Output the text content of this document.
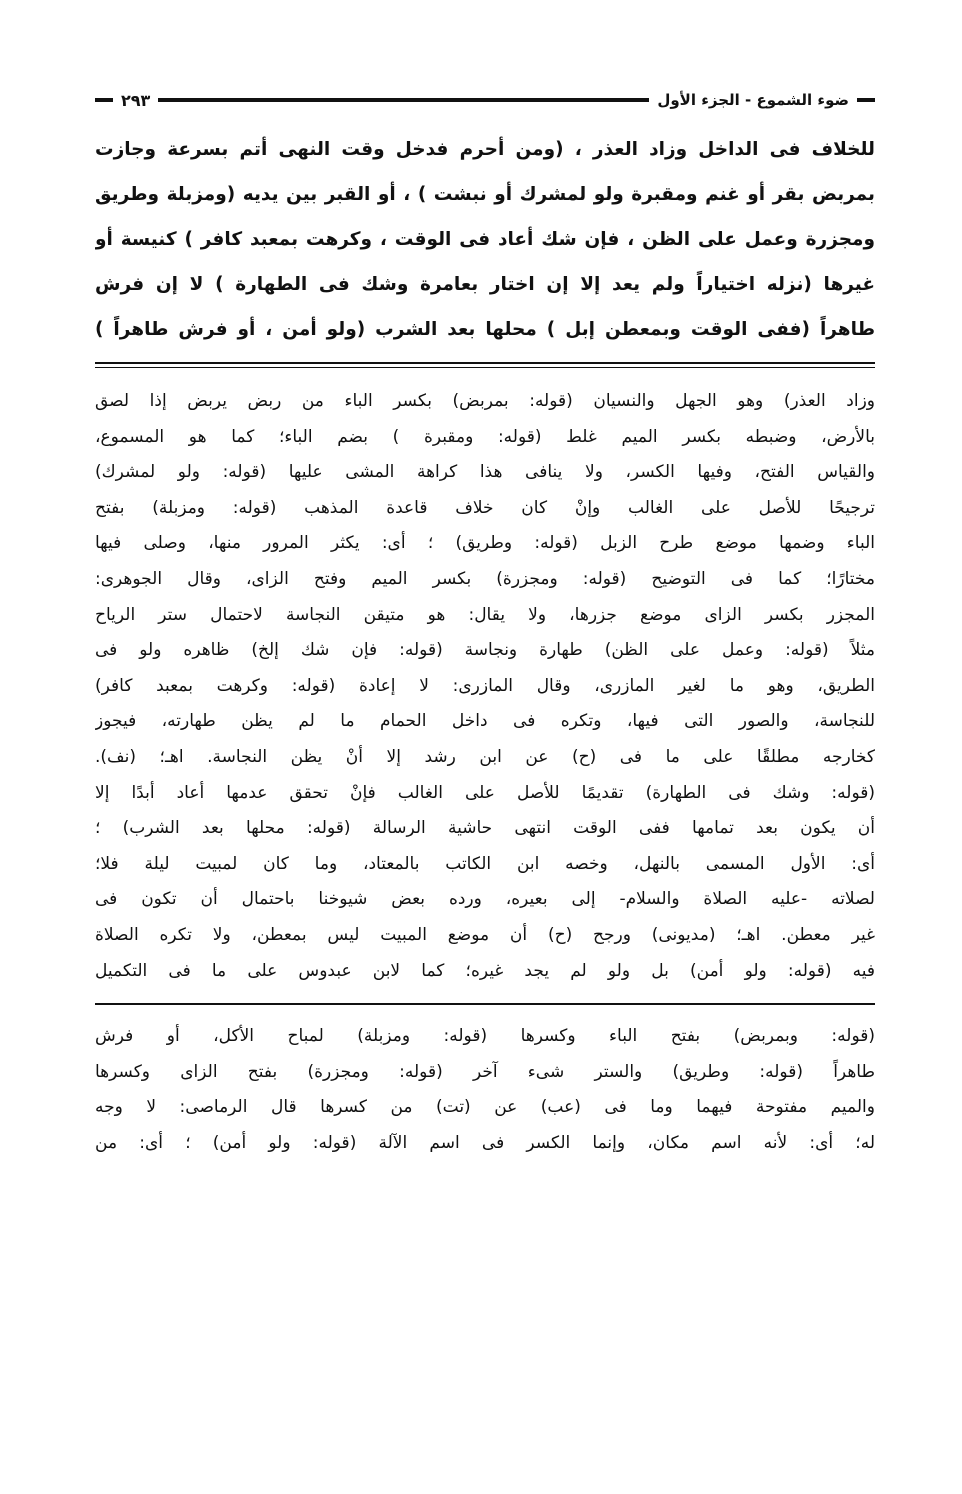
ضوء الشموع - الجزء الأول
٢٩٣
للخلاف فى الداخل وزاد العذر ، (ومن أحرم فدخل وقت النهى أتم بسرعة وجازت
بمربض بقر أو غنم ومقبرة ولو لمشرك أو نبشت ) ، أو القبر بين يديه (ومزبلة وطريق
ومجزرة وعمل على الظن ، فإن شك أعاد فى الوقت ، وكرهت بمعبد كافر ) كنيسة أو
غيرها (نزله اختياراً ولم يعد إلا إن اختار بعامرة وشك فى الطهارة ) لا إن فرش
طاهراً (ففى الوقت وبمعطن إبل ) محلها بعد الشرب (ولو أمن ، أو فرش طاهراً )
وزاد العذر) وهو الجهل والنسيان (قوله: بمربض) بكسر الباء من ربض يربض إذا لصق
بالأرض، وضبطه بكسر الميم غلط (قوله: ومقبرة ) بضم الباء؛ كما هو المسموع،
والقياس الفتح، وفيها الكسر، ولا ينافى هذا كراهة المشى عليها (قوله: ولو لمشرك)
ترجيحًا للأصل على الغالب وإنْ كان خلاف قاعدة المذهب (قوله: ومزبلة) بفتح
الباء وضمها موضع طرح الزبل (قوله: وطريق) ؛ أى: يكثر المرور منها، وصلى فيها
مختارًا؛ كما فى التوضيح (قوله: ومجزرة) بكسر الميم وفتح الزاى، وقال الجوهرى:
المجزر بكسر الزاى موضع جزرها، ولا يقال: هو متيقن النجاسة لاحتمال ستر الرياح
مثلاً (قوله: وعمل على الظن) طهارة ونجاسة (قوله: فإن شك إلخ) ظاهره ولو فى
الطريق، وهو ما لغير المازرى، وقال المازرى: لا إعادة (قوله: وكرهت بمعبد كافر)
للنجاسة، والصور التى فيها، وتكره فى داخل الحمام ما لم يظن طهارته، فيجوز
كخارجه مطلقًا على ما فى (ح) عن ابن رشد إلا أنْ يظن النجاسة. اهـ؛ (نف).
(قوله: وشك فى الطهارة) تقديمًا للأصل على الغالب فإنْ تحقق عدمها أعاد أبدًا إلا
أن يكون بعد تمامها ففى الوقت انتهى حاشية الرسالة (قوله: محلها بعد الشرب) ؛
أى: الأول المسمى بالنهل، وخصه ابن الكاتب بالمعتاد، وما كان لمبيت ليلة فلا؛
لصلاته -عليه الصلاة والسلام- إلى بعيره، ورده بعض شيوخنا باحتمال أن تكون فى
غير معطن. اهـ؛ (مديونى) ورجح (ح) أن موضع المبيت ليس بمعطن، ولا تكره الصلاة
فيه (قوله: ولو أمن) بل ولو لم يجد غيره؛ كما لابن عبدوس على ما فى التكميل
(قوله: وبمربض) بفتح الباء وكسرها (قوله: ومزبلة) لمباح الأكل، أو فرش
طاهراً (قوله: وطريق) والستر شىء آخر (قوله: ومجزرة) بفتح الزاى وكسرها
والميم مفتوحة فيهما وما فى (عب) عن (تت) من كسرها قال الرماصى: لا وجه
له؛ أى: لأنه اسم مكان، وإنما الكسر فى اسم الآلة (قوله: ولو أمن) ؛ أى: من
